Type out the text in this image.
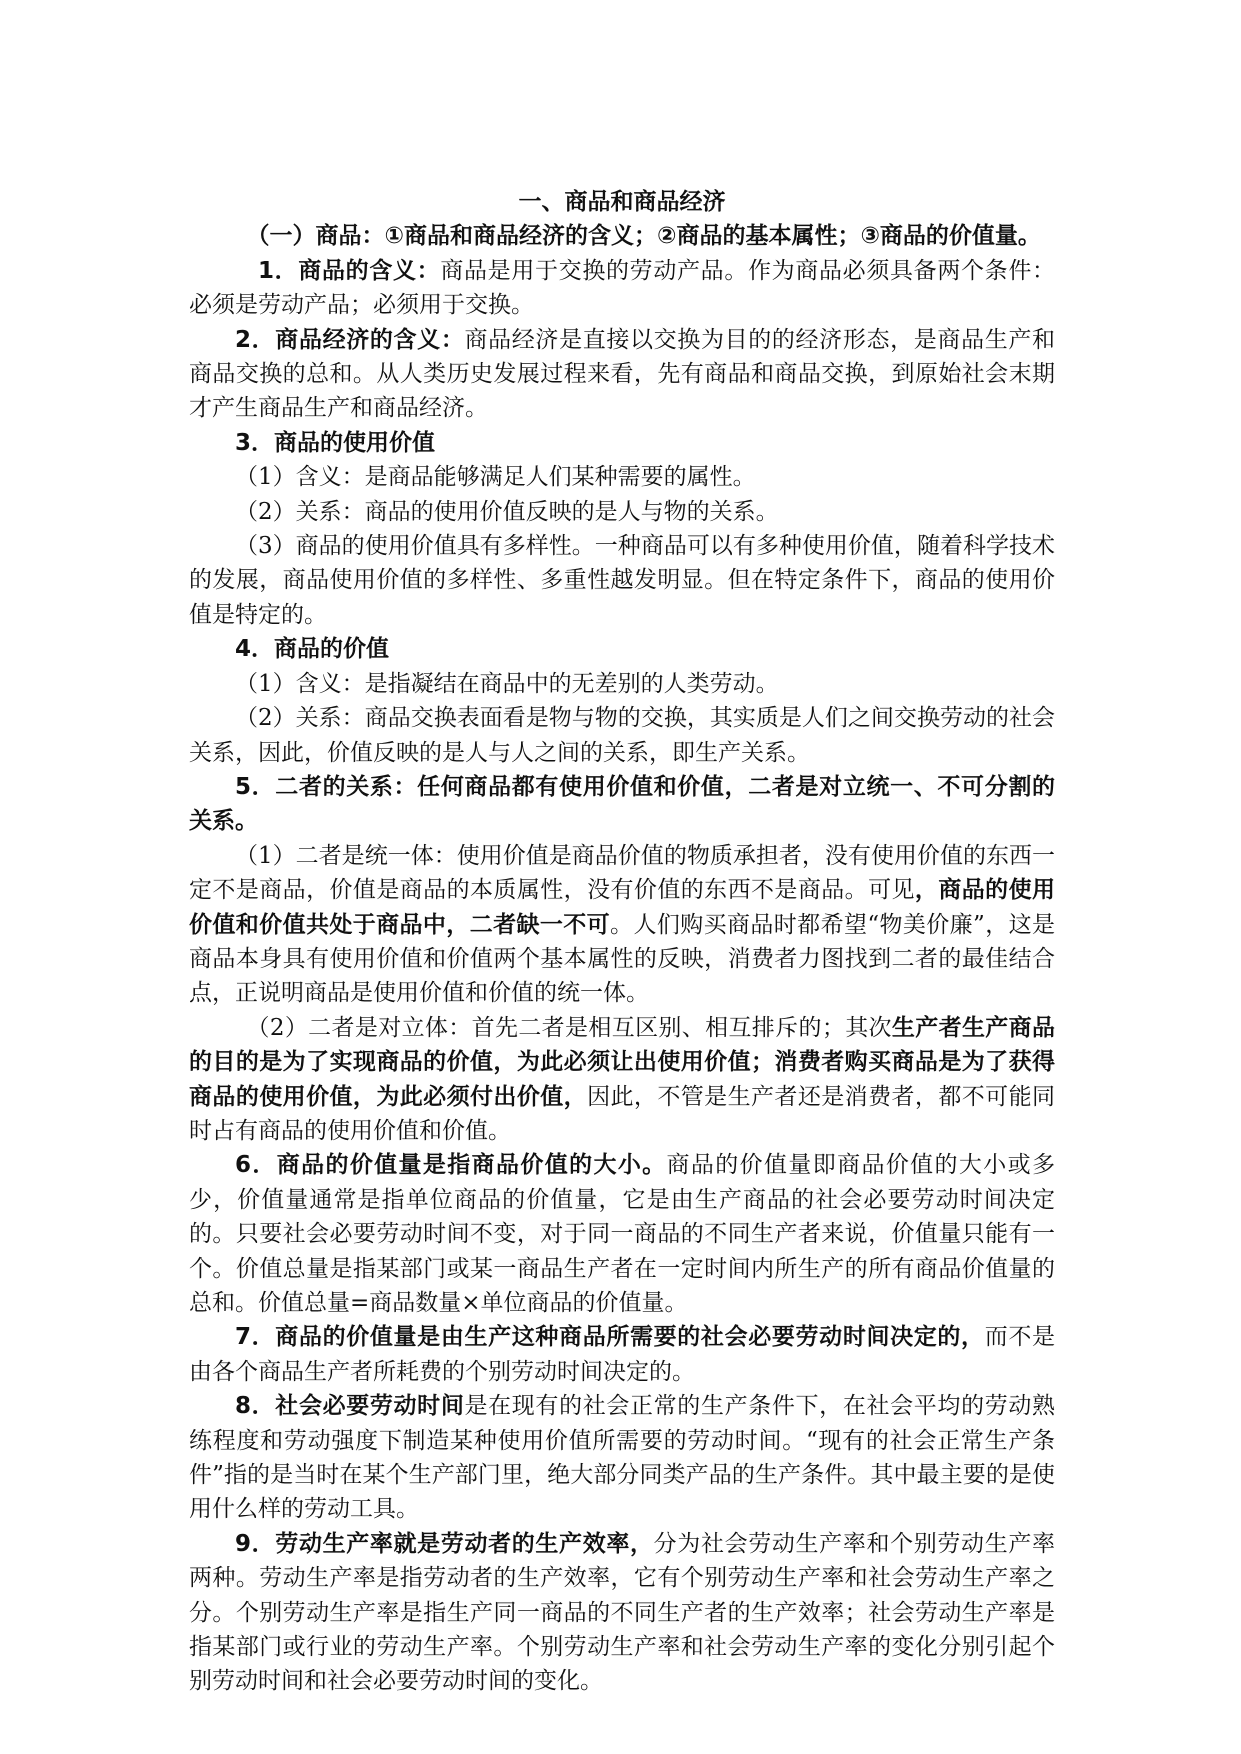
一、商品和商品经济

（一）商品：①商品和商品经济的含义；②商品的基本属性；③商品的价值量。

1．商品的含义：商品是用于交换的劳动产品。作为商品必须具备两个条件：必须是劳动产品；必须用于交换。

2．商品经济的含义：商品经济是直接以交换为目的的经济形态，是商品生产和商品交换的总和。从人类历史发展过程来看，先有商品和商品交换，到原始社会末期才产生商品生产和商品经济。

3．商品的使用价值

（1）含义：是商品能够满足人们某种需要的属性。

（2）关系：商品的使用价值反映的是人与物的关系。

（3）商品的使用价值具有多样性。一种商品可以有多种使用价值，随着科学技术的发展，商品使用价值的多样性、多重性越发明显。但在特定条件下，商品的使用价值是特定的。

4．商品的价值

（1）含义：是指凝结在商品中的无差别的人类劳动。

（2）关系：商品交换表面看是物与物的交换，其实质是人们之间交换劳动的社会关系，因此，价值反映的是人与人之间的关系，即生产关系。

5．二者的关系：任何商品都有使用价值和价值，二者是对立统一、不可分割的关系。

（1）二者是统一体：使用价值是商品价值的物质承担者，没有使用价值的东西一定不是商品，价值是商品的本质属性，没有价值的东西不是商品。可见，商品的使用价值和价值共处于商品中，二者缺一不可。人们购买商品时都希望“物美价廉”，这是商品本身具有使用价值和价值两个基本属性的反映，消费者力图找到二者的最佳结合点，正说明商品是使用价值和价值的统一体。

（2）二者是对立体：首先二者是相互区别、相互排斥的；其次生产者生产商品的目的是为了实现商品的价值，为此必须让出使用价值；消费者购买商品是为了获得商品的使用价值，为此必须付出价值，因此，不管是生产者还是消费者，都不可能同时占有商品的使用价值和价值。

6．商品的价值量是指商品价值的大小。商品的价值量即商品价值的大小或多少，价值量通常是指单位商品的价值量，它是由生产商品的社会必要劳动时间决定的。只要社会必要劳动时间不变，对于同一商品的不同生产者来说，价值量只能有一个。价值总量是指某部门或某一商品生产者在一定时间内所生产的所有商品价值量的总和。价值总量=商品数量×单位商品的价值量。

7．商品的价值量是由生产这种商品所需要的社会必要劳动时间决定的，而不是由各个商品生产者所耗费的个别劳动时间决定的。

8．社会必要劳动时间是在现有的社会正常的生产条件下，在社会平均的劳动熟练程度和劳动强度下制造某种使用价值所需要的劳动时间。“现有的社会正常生产条件”指的是当时在某个生产部门里，绝大部分同类产品的生产条件。其中最主要的是使用什么样的劳动工具。

9．劳动生产率就是劳动者的生产效率，分为社会劳动生产率和个别劳动生产率两种。劳动生产率是指劳动者的生产效率，它有个别劳动生产率和社会劳动生产率之分。个别劳动生产率是指生产同一商品的不同生产者的生产效率；社会劳动生产率是指某部门或行业的劳动生产率。个别劳动生产率和社会劳动生产率的变化分别引起个别劳动时间和社会必要劳动时间的变化。
